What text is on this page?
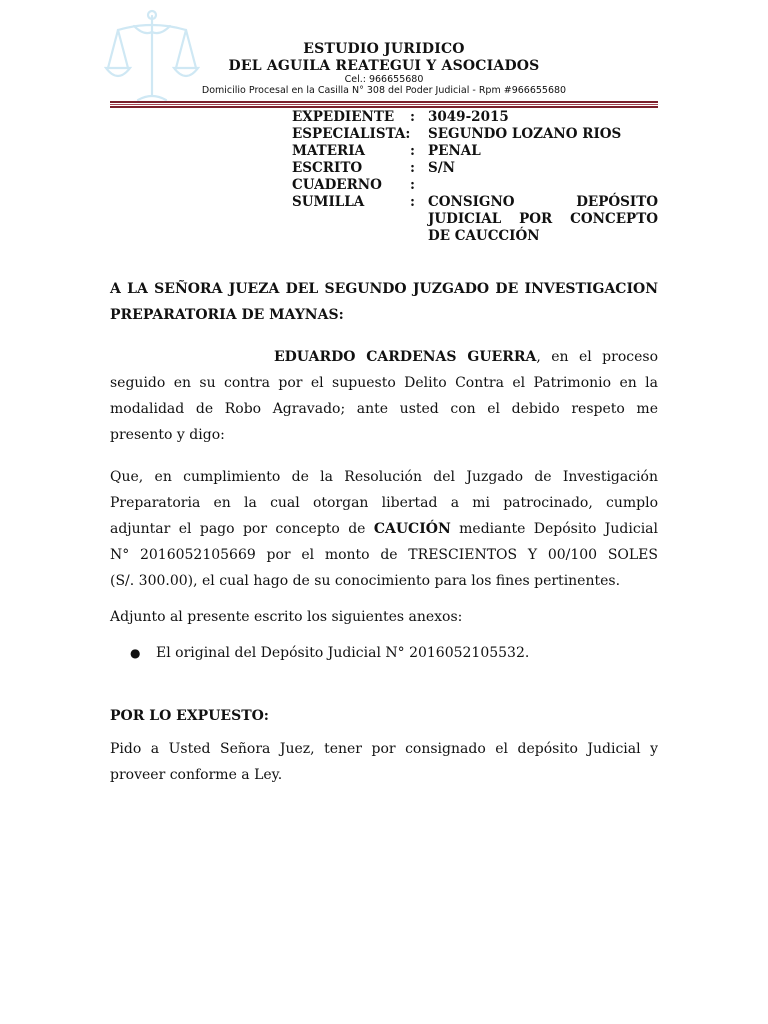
ESTUDIO JURIDICO
DEL AGUILA REATEGUI Y ASOCIADOS
Cel.: 966655680
Domicilio Procesal en la Casilla N° 308 del Poder Judicial - Rpm #966655680
EXPEDIENTE	: 3049-2015
ESPECIALISTA:	SEGUNDO LOZANO RIOS
MATERIA	: PENAL
ESCRITO	: S/N
CUADERNO	:
SUMILLA	: CONSIGNO DEPÓSITO
JUDICIAL POR CONCEPTO
DE CAUCCIÓN
A LA SEÑORA JUEZA DEL SEGUNDO JUZGADO DE INVESTIGACION
PREPARATORIA DE MAYNAS:
EDUARDO CARDENAS GUERRA, en el proceso
seguido en su contra por el supuesto Delito Contra el Patrimonio en la
modalidad de Robo Agravado; ante usted con el debido respeto me
presento y digo:
Que, en cumplimiento de la Resolución del Juzgado de Investigación
Preparatoria en la cual otorgan libertad a mi patrocinado, cumplo
adjuntar el pago por concepto de CAUCIÓN mediante Depósito Judicial
N° 2016052105669 por el monto de TRESCIENTOS Y 00/100 SOLES
(S/. 300.00), el cual hago de su conocimiento para los fines pertinentes.
Adjunto al presente escrito los siguientes anexos:
●	El original del Depósito Judicial N° 2016052105532.
POR LO EXPUESTO:
Pido a Usted Señora Juez, tener por consignado el depósito Judicial y
proveer conforme a Ley.
